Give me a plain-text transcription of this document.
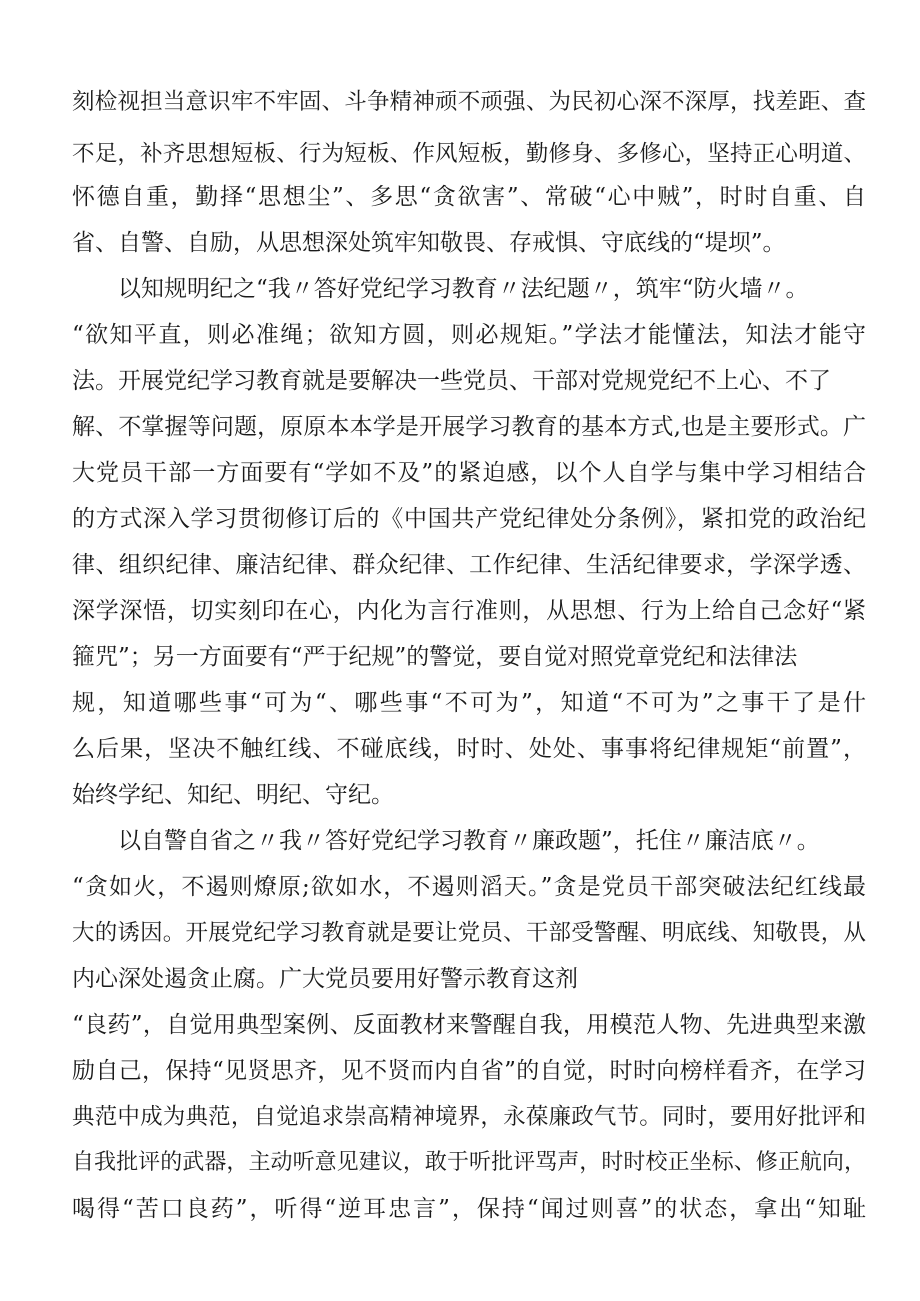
刻检视担当意识牢不牢固、斗争精神顽不顽强、为民初心深不深厚，找差距、查
不足，补齐思想短板、行为短板、作风短板，勤修身、多修心，坚持正心明道、
怀德自重，勤择“思想尘”、多思“贪欲害”、常破“心中贼”，时时自重、自
省、自警、自励，从思想深处筑牢知敬畏、存戒惧、守底线的“堤坝”。
以知规明纪之“我〃答好党纪学习教育〃法纪题〃，筑牢“防火墙〃。
“欲知平直，则必准绳；欲知方圆，则必规矩。”学法才能懂法，知法才能守
法。开展党纪学习教育就是要解决一些党员、干部对党规党纪不上心、不了
解、不掌握等问题，原原本本学是开展学习教育的基本方式,也是主要形式。广
大党员干部一方面要有“学如不及”的紧迫感，以个人自学与集中学习相结合
的方式深入学习贯彻修订后的《中国共产党纪律处分条例》，紧扣党的政治纪
律、组织纪律、廉洁纪律、群众纪律、工作纪律、生活纪律要求，学深学透、
深学深悟，切实刻印在心，内化为言行准则，从思想、行为上给自己念好“紧
箍咒”；另一方面要有“严于纪规”的警觉，要自觉对照党章党纪和法律法
规，知道哪些事“可为“、哪些事“不可为”，知道“不可为”之事干了是什
么后果，坚决不触红线、不碰底线，时时、处处、事事将纪律规矩“前置”，
始终学纪、知纪、明纪、守纪。
以自警自省之〃我〃答好党纪学习教育〃廉政题”，托住〃廉洁底〃。
“贪如火，不遏则燎原;欲如水，不遏则滔天。”贪是党员干部突破法纪红线最
大的诱因。开展党纪学习教育就是要让党员、干部受警醒、明底线、知敬畏，从
内心深处遏贪止腐。广大党员要用好警示教育这剂
“良药”，自觉用典型案例、反面教材来警醒自我，用模范人物、先进典型来激
励自己，保持“见贤思齐，见不贤而内自省”的自觉，时时向榜样看齐，在学习
典范中成为典范，自觉追求崇高精神境界，永葆廉政气节。同时，要用好批评和
自我批评的武器，主动听意见建议，敢于听批评骂声，时时校正坐标、修正航向，
喝得“苦口良药”，听得“逆耳忠言”，保持“闻过则喜”的状态，拿出“知耻
